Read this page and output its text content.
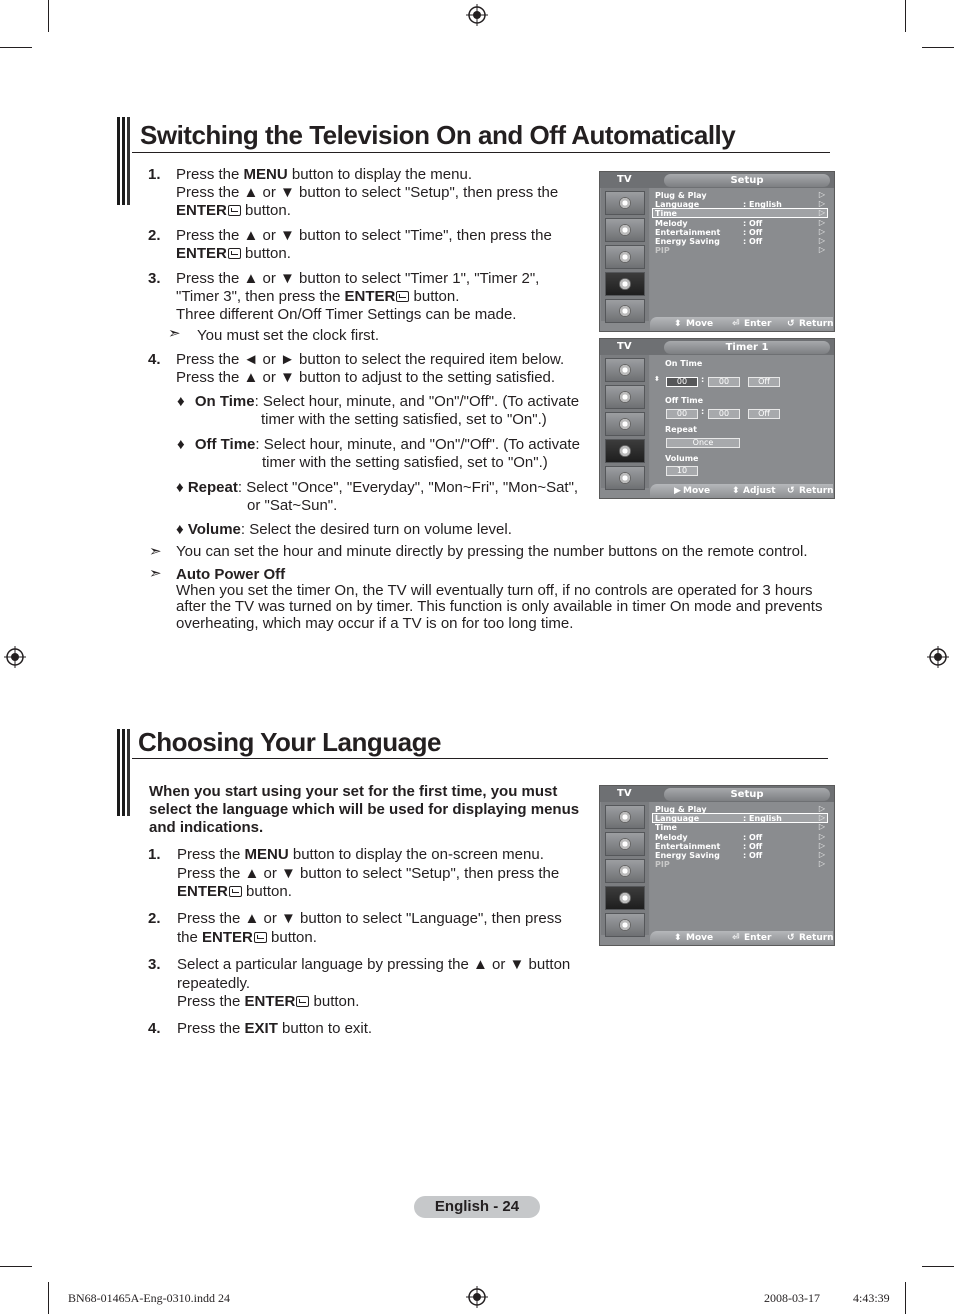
Switching the Television On and Off Automatically
1. Press the MENU button to display the menu.
Press the ▲ or ▼ button to select "Setup", then press the
ENTER button.
2. Press the ▲ or ▼ button to select "Time", then press the
ENTER button.
3. Press the ▲ or ▼ button to select "Timer 1", "Timer 2",
"Timer 3", then press the ENTER button.
Three different On/Off Timer Settings can be made.
4. Press the ◄ or ► button to select the required item below.
Press the ▲ or ▼ button to adjust to the setting satisfied.
➣ You must set the clock first.
♦ On Time: Select hour, minute, and "On"/"Off". (To activate
timer with the setting satisfied, set to "On".)
♦ Off Time: Select hour, minute, and "On"/"Off". (To activate
timer with the setting satisfied, set to "On".)
♦ Repeat: Select "Once", "Everyday", "Mon~Fri", "Mon~Sat",
or "Sat~Sun".
♦ Volume: Select the desired turn on volume level.
➣ You can set the hour and minute directly by pressing the number buttons on the remote control.
➣ Auto Power Off
When you set the timer On, the TV will eventually turn off, if no controls are operated for 3 hours
after the TV was turned on by timer. This function is only available in timer On mode and prevents
overheating, which may occur if a TV is on for too long time.
TV	Setup
Plug & Play	▷
Language	: English	▷
Time	▷
Melody	: Off	▷
Entertainment	: Off	▷
Energy Saving	: Off	▷
PIP	▷
⬍ Move ⏎ Enter ↺ Return
TV	Timer 1
On Time
⬍	00	:	00	Off
Off Time
00	:	00	Off
Repeat
Once
Volume
10
▶ Move ⬍ Adjust ↺ Return
Choosing Your Language
When you start using your set for the first time, you must
select the language which will be used for displaying menus
and indications.
1. Press the MENU button to display the on-screen menu.
Press the ▲ or ▼ button to select "Setup", then press the
ENTER button.
2. Press the ▲ or ▼ button to select "Language", then press
the ENTER button.
3. Select a particular language by pressing the ▲ or ▼ button
repeatedly.
Press the ENTER button.
4. Press the EXIT button to exit.
TV	Setup
Plug & Play	▷
Language	: English	▷
Time	▷
Melody	: Off	▷
Entertainment	: Off	▷
Energy Saving	: Off	▷
PIP	▷
⬍ Move ⏎ Enter ↺ Return
English - 24
BN68-01465A-Eng-0310.indd 24	2008-03-17	4:43:39
